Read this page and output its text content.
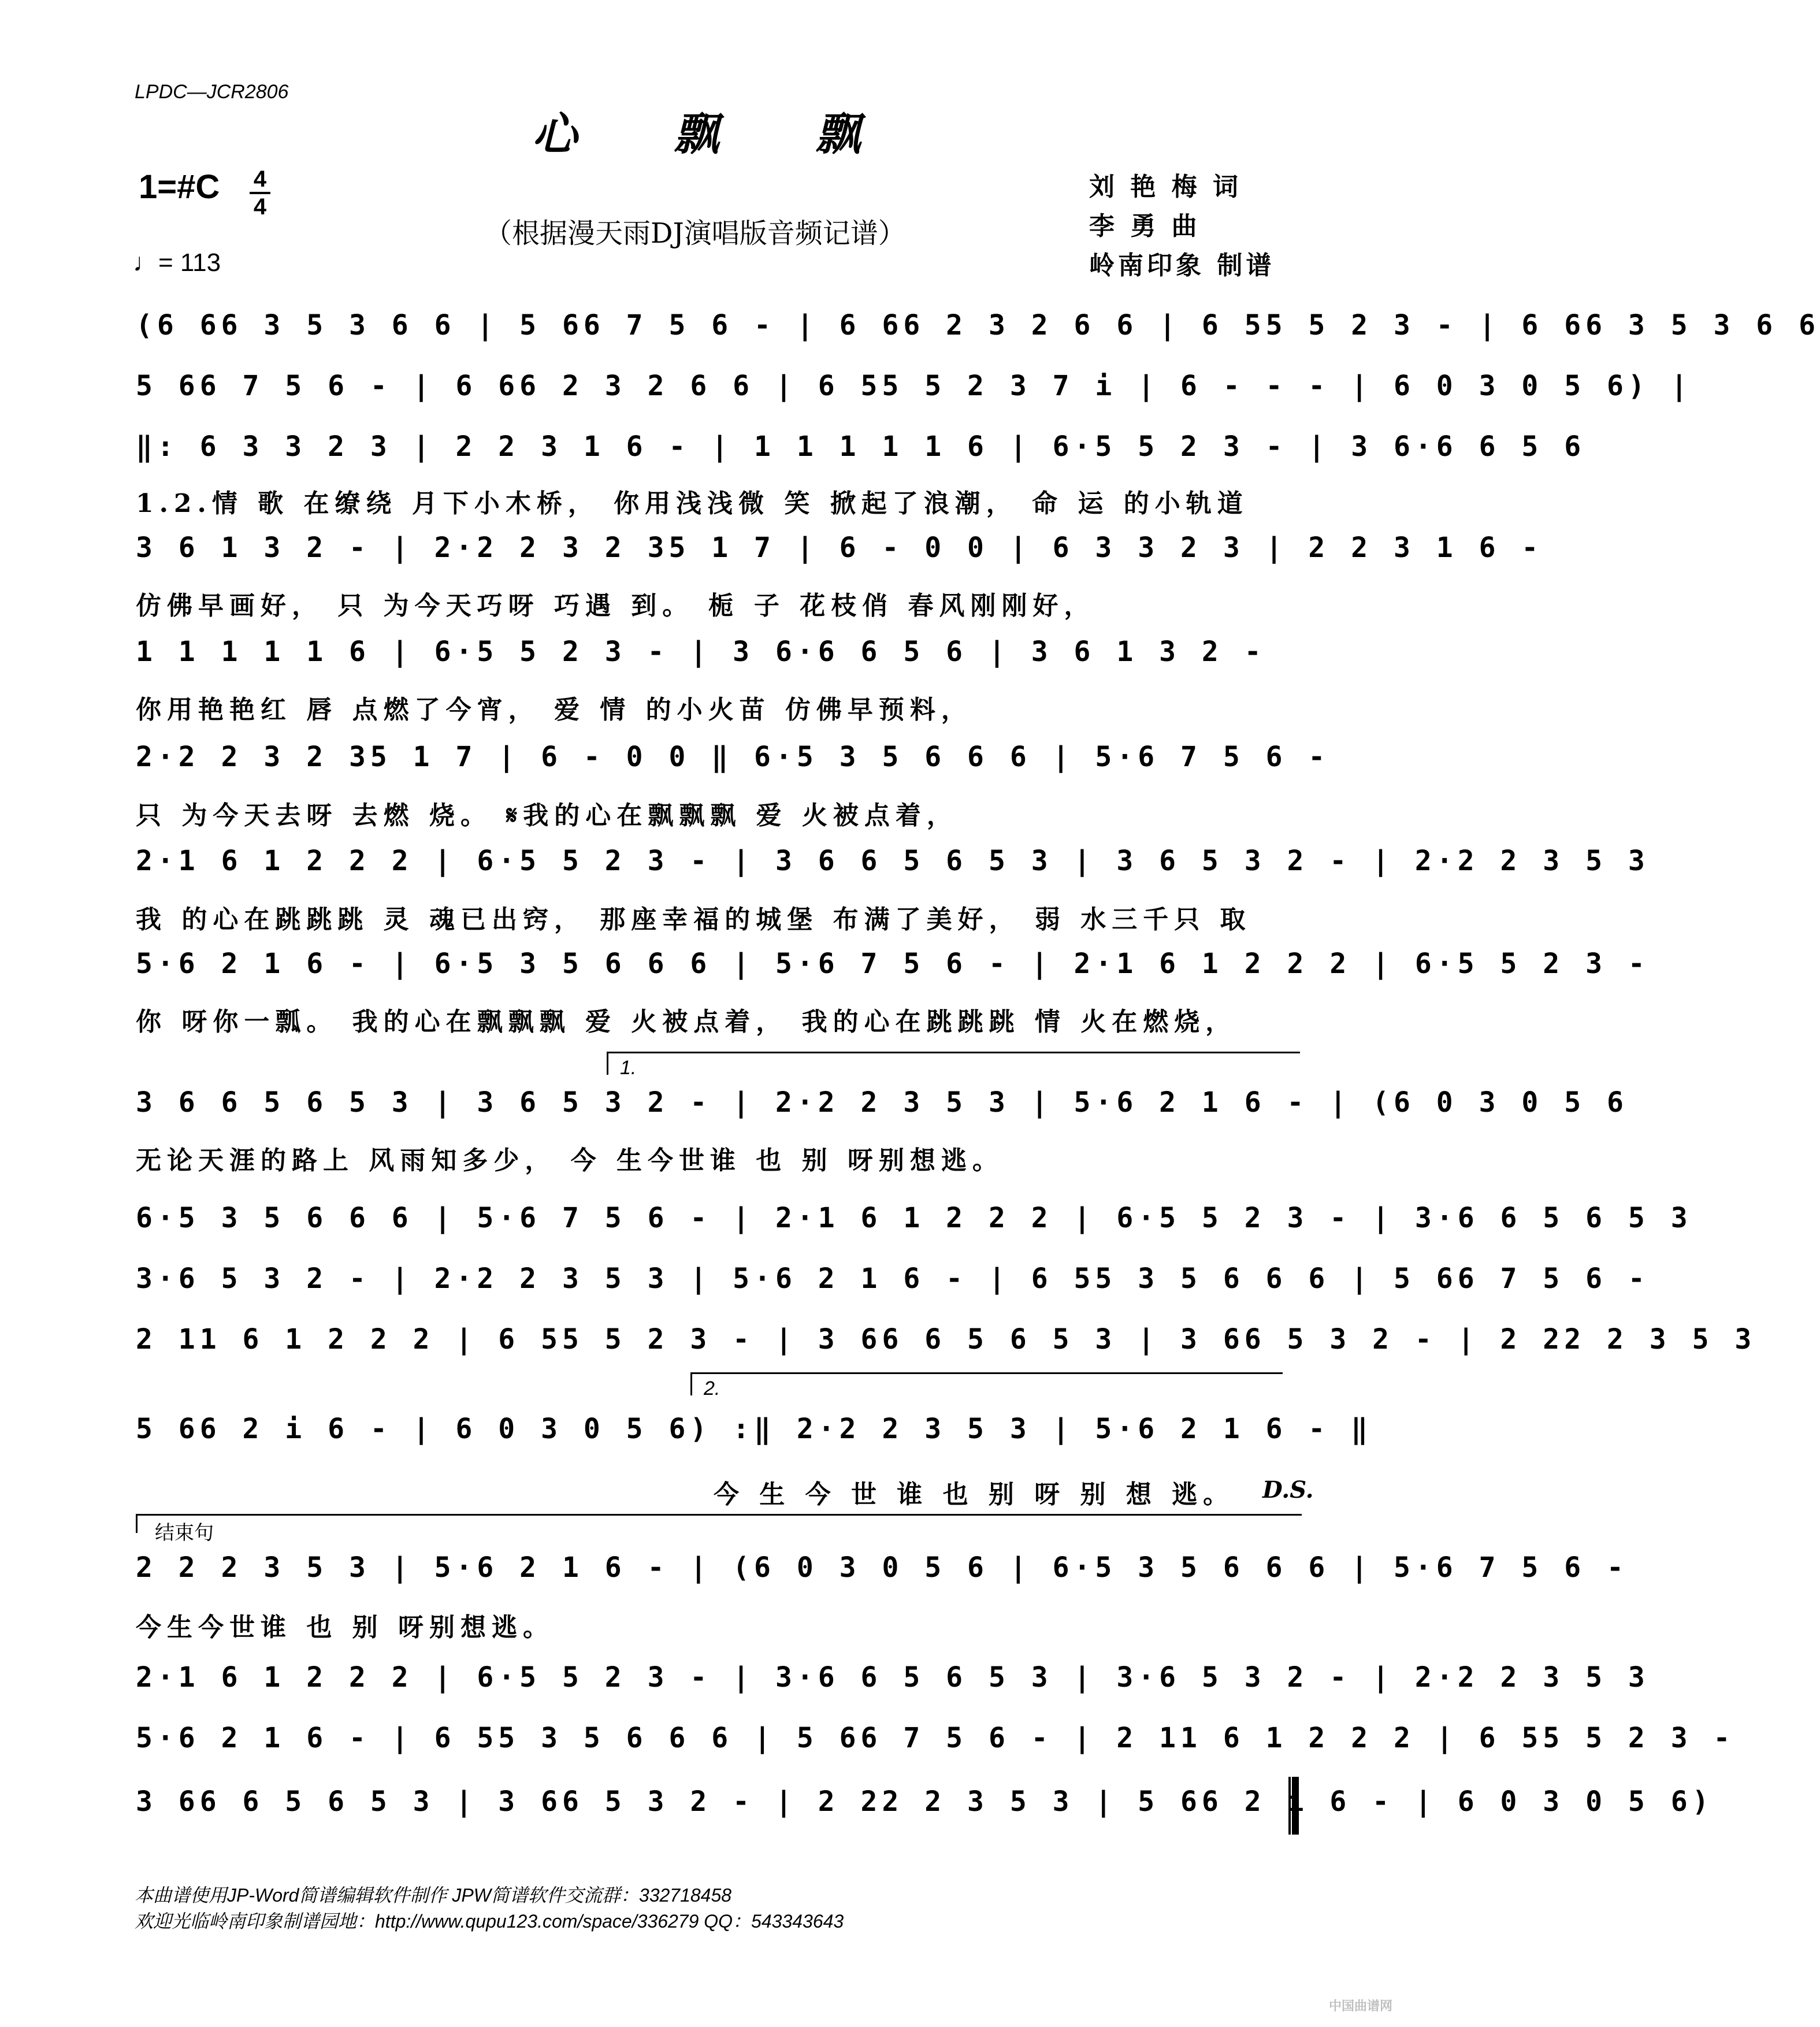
LPDC—JCR2806
心 飘 飘
1=#C 4
4
♩= 113
（根据漫天雨DJ演唱版音频记谱）
刘 艳 梅 词
李 勇 曲
岭南印象 制谱
(6 66 3 5 3 6 6 | 5 66 7 5 6 - | 6 66 2 3 2 6 6 | 6 55 5 2 3 - | 6 66 3 5 3 6 6
5 66 7 5 6 - | 6 66 2 3 2 6 6 | 6 55 5 2 3 7 i | 6 - - - | 6 0 3 0 5 6) |
‖: 6 3 3 2 3 | 2 2 3 1 6 - | 1 1 1 1 1 6 | 6·5 5 2 3 - | 3 6·6 6 5 6
1.2.情 歌 在缭绕 月下小木桥， 你用浅浅微 笑 掀起了浪潮， 命 运 的小轨道
3 6 1 3 2 - | 2·2 2 3 2 35 1 7 | 6 - 0 0 | 6 3 3 2 3 | 2 2 3 1 6 -
仿佛早画好， 只 为今天巧呀 巧遇 到。 栀 子 花枝俏 春风刚刚好，
1 1 1 1 1 6 | 6·5 5 2 3 - | 3 6·6 6 5 6 | 3 6 1 3 2 -
你用艳艳红 唇 点燃了今宵， 爱 情 的小火苗 仿佛早预料，
2·2 2 3 2 35 1 7 | 6 - 0 0 ‖ 6·5 3 5 6 6 6 | 5·6 7 5 6 -
只 为今天去呀 去燃 烧。 𝄋我的心在飘飘飘 爱 火被点着，
2·1 6 1 2 2 2 | 6·5 5 2 3 - | 3 6 6 5 6 5 3 | 3 6 5 3 2 - | 2·2 2 3 5 3
我 的心在跳跳跳 灵 魂已出窍， 那座幸福的城堡 布满了美好， 弱 水三千只 取
5·6 2 1 6 - | 6·5 3 5 6 6 6 | 5·6 7 5 6 - | 2·1 6 1 2 2 2 | 6·5 5 2 3 -
你 呀你一瓢。 我的心在飘飘飘 爱 火被点着， 我的心在跳跳跳 情 火在燃烧，
1.
3 6 6 5 6 5 3 | 3 6 5 3 2 - | 2·2 2 3 5 3 | 5·6 2 1 6 - | (6 0 3 0 5 6
无论天涯的路上 风雨知多少， 今 生今世谁 也 别 呀别想逃。
6·5 3 5 6 6 6 | 5·6 7 5 6 - | 2·1 6 1 2 2 2 | 6·5 5 2 3 - | 3·6 6 5 6 5 3
3·6 5 3 2 - | 2·2 2 3 5 3 | 5·6 2 1 6 - | 6 55 3 5 6 6 6 | 5 66 7 5 6 -
2 11 6 1 2 2 2 | 6 55 5 2 3 - | 3 66 6 5 6 5 3 | 3 66 5 3 2 - | 2 22 2 3 5 3
2.
5 66 2 i 6 - | 6 0 3 0 5 6) :‖ 2·2 2 3 5 3 | 5·6 2 1 6 - ‖
今 生 今 世 谁 也 别 呀 别 想 逃。	D.S.
结束句
2 2 2 3 5 3 | 5·6 2 1 6 - | (6 0 3 0 5 6 | 6·5 3 5 6 6 6 | 5·6 7 5 6 -
今生今世谁 也 别 呀别想逃。
2·1 6 1 2 2 2 | 6·5 5 2 3 - | 3·6 6 5 6 5 3 | 3·6 5 3 2 - | 2·2 2 3 5 3
5·6 2 1 6 - | 6 55 3 5 6 6 6 | 5 66 7 5 6 - | 2 11 6 1 2 2 2 | 6 55 5 2 3 -
3 66 6 5 6 5 3 | 3 66 5 3 2 - | 2 22 2 3 5 3 | 5 66 2 i 6 - | 6 0 3 0 5 6)
本曲谱使用JP-Word简谱编辑软件制作 JPW简谱软件交流群：332718458
欢迎光临岭南印象制谱园地：http://www.qupu123.com/space/336279 QQ：543343643
中国曲谱网
